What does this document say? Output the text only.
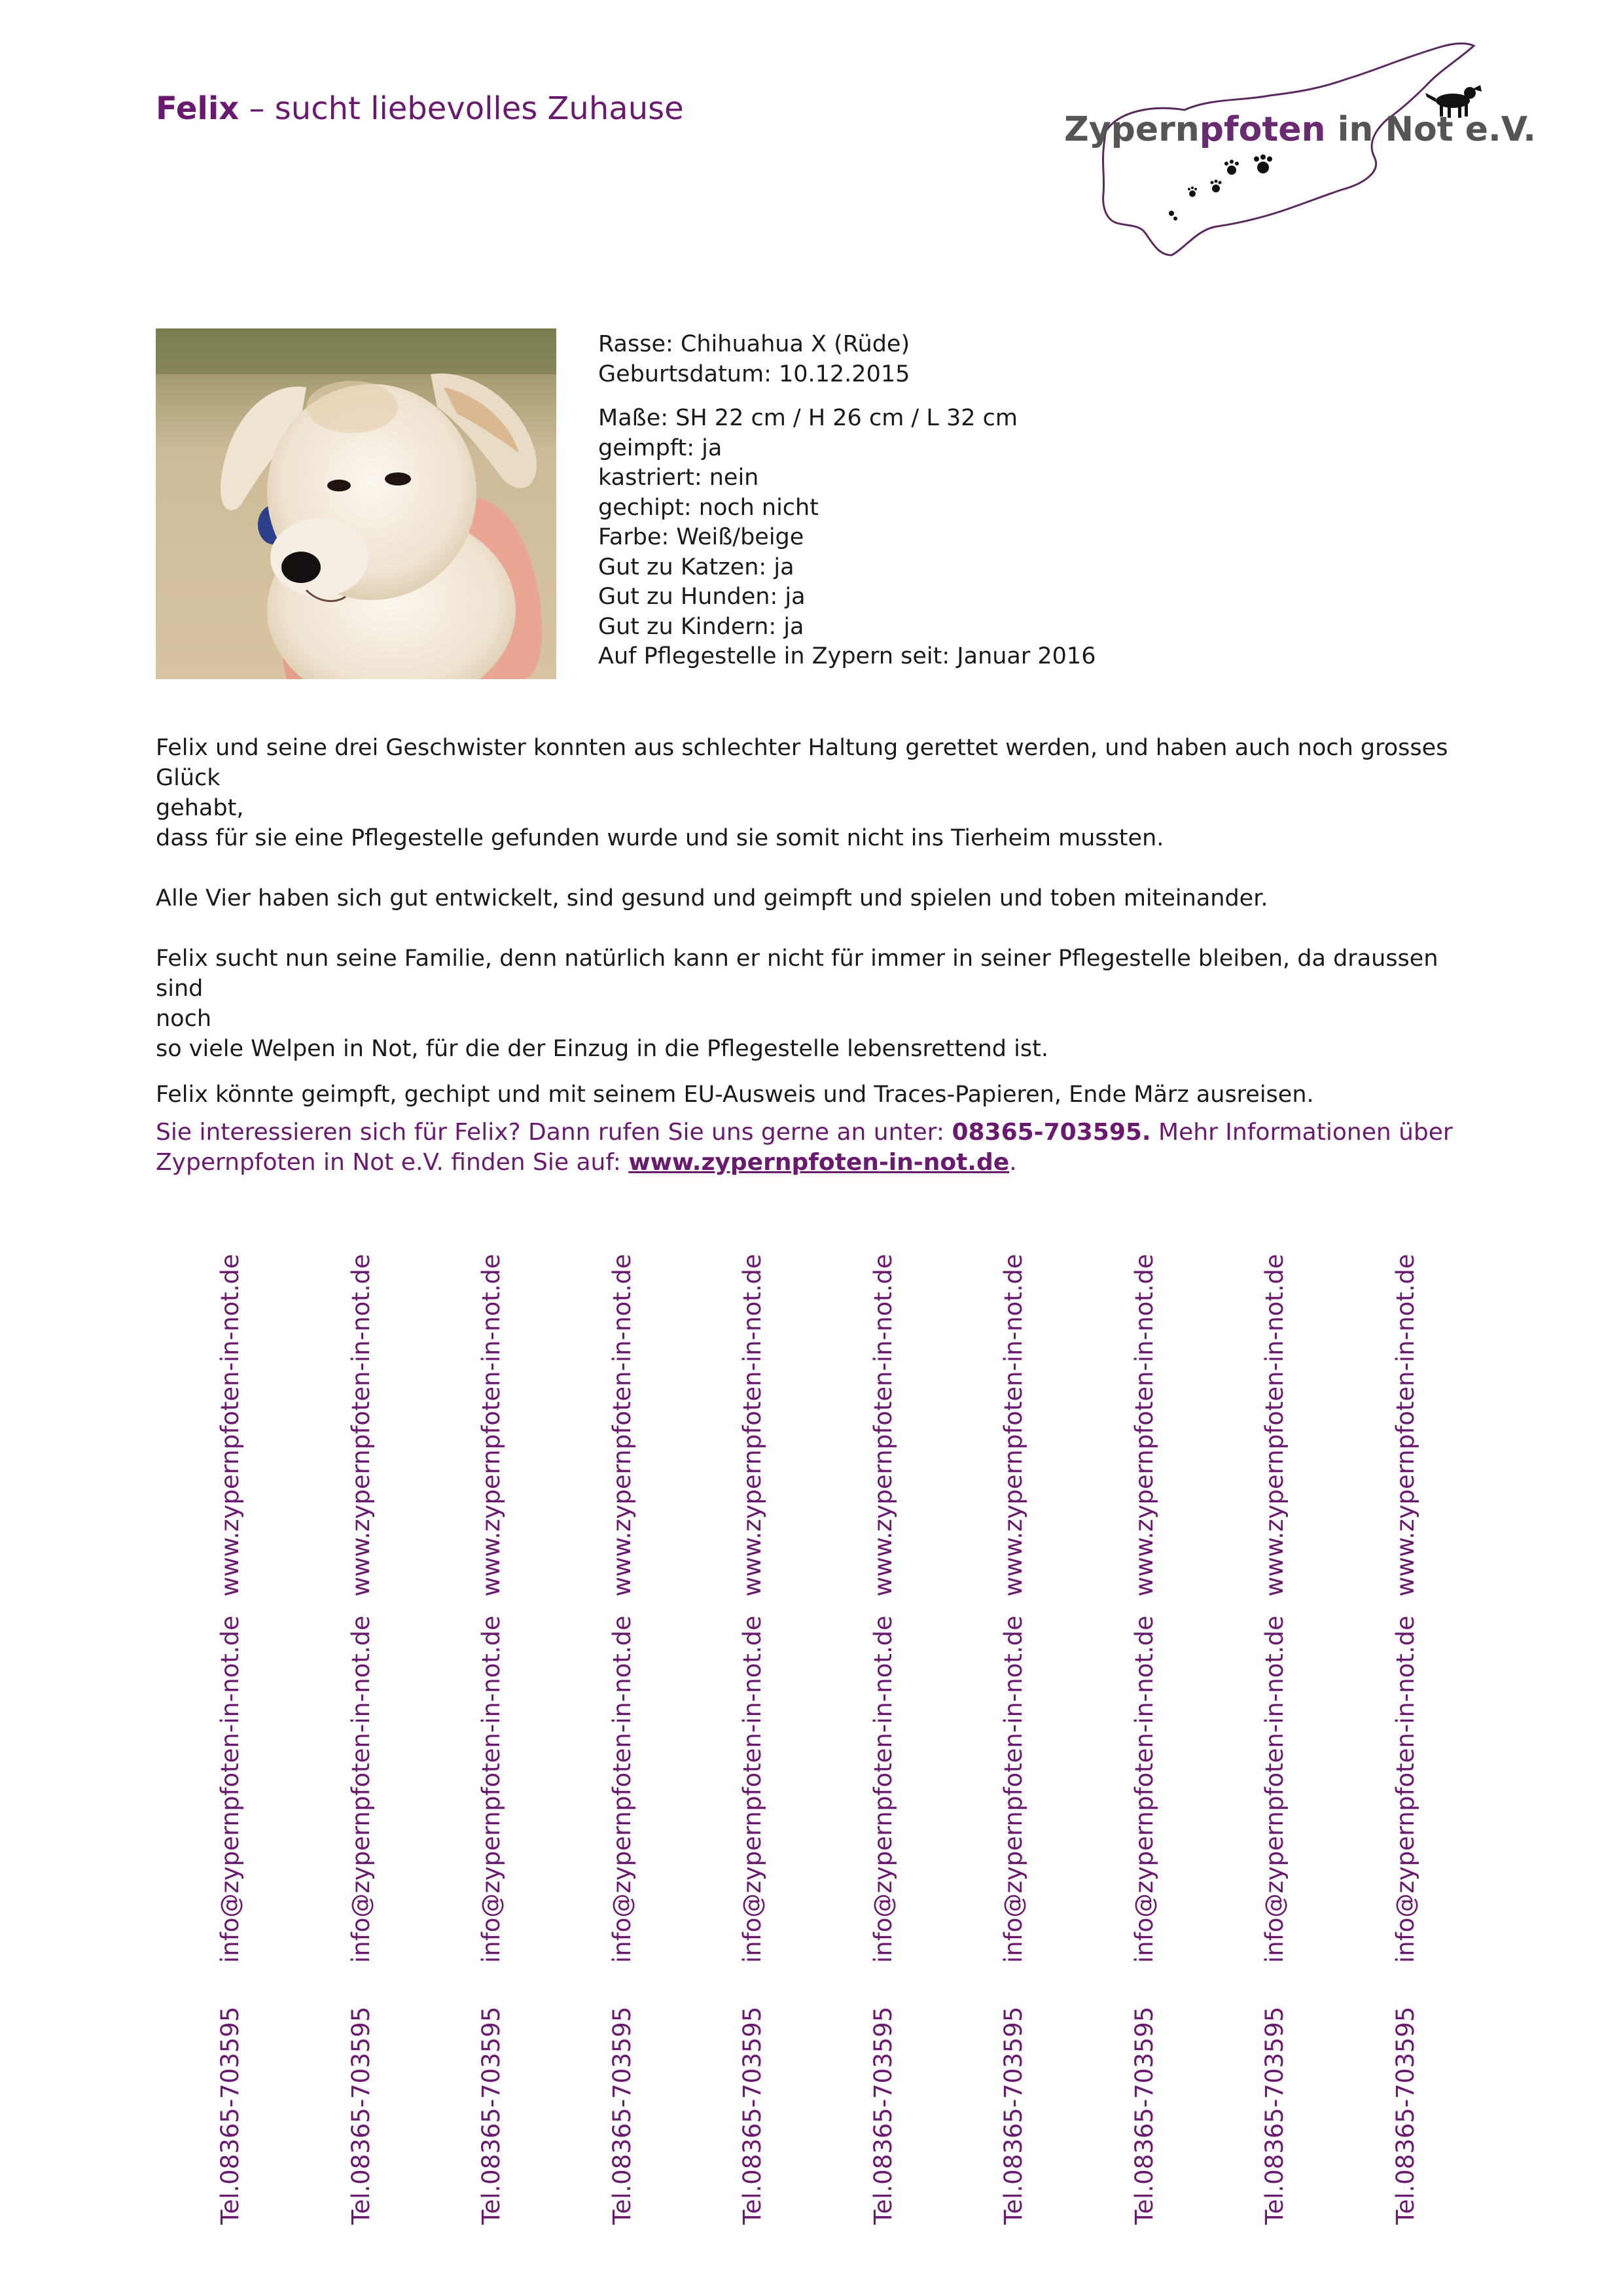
Felix – sucht liebevolles Zuhause
Zypernpfoten in Not e.V.
Rasse: Chihuahua X (Rüde)
Geburtsdatum: 10.12.2015
Maße: SH 22 cm / H 26 cm / L 32 cm
geimpft: ja
kastriert: nein
gechipt: noch nicht
Farbe: Weiß/beige
Gut zu Katzen: ja
Gut zu Hunden: ja
Gut zu Kindern: ja
Auf Pflegestelle in Zypern seit: Januar 2016

Felix und seine drei Geschwister konnten aus schlechter Haltung gerettet werden, und haben auch noch grosses Glück

gehabt,

dass für sie eine Pflegestelle gefunden wurde und sie somit nicht ins Tierheim mussten.

Alle Vier haben sich gut entwickelt, sind gesund und geimpft und spielen und toben miteinander.

Felix sucht nun seine Familie, denn natürlich kann er nicht für immer in seiner Pflegestelle bleiben, da draussen sind

noch

so viele Welpen in Not, für die der Einzug in die Pflegestelle lebensrettend ist.

Felix könnte geimpft, gechipt und mit seinem EU-Ausweis und Traces-Papieren, Ende März ausreisen.

Sie interessieren sich für Felix? Dann rufen Sie uns gerne an unter: 08365-703595. Mehr Informationen über
Zypernpfoten in Not e.V. finden Sie auf: www.zypernpfoten-in-not.de.
www.zypernpfoten-in-not.de
info@zypernpfoten-in-not.de
Tel.08365-703595
www.zypernpfoten-in-not.de
info@zypernpfoten-in-not.de
Tel.08365-703595
www.zypernpfoten-in-not.de
info@zypernpfoten-in-not.de
Tel.08365-703595
www.zypernpfoten-in-not.de
info@zypernpfoten-in-not.de
Tel.08365-703595
www.zypernpfoten-in-not.de
info@zypernpfoten-in-not.de
Tel.08365-703595
www.zypernpfoten-in-not.de
info@zypernpfoten-in-not.de
Tel.08365-703595
www.zypernpfoten-in-not.de
info@zypernpfoten-in-not.de
Tel.08365-703595
www.zypernpfoten-in-not.de
info@zypernpfoten-in-not.de
Tel.08365-703595
www.zypernpfoten-in-not.de
info@zypernpfoten-in-not.de
Tel.08365-703595
www.zypernpfoten-in-not.de
info@zypernpfoten-in-not.de
Tel.08365-703595
